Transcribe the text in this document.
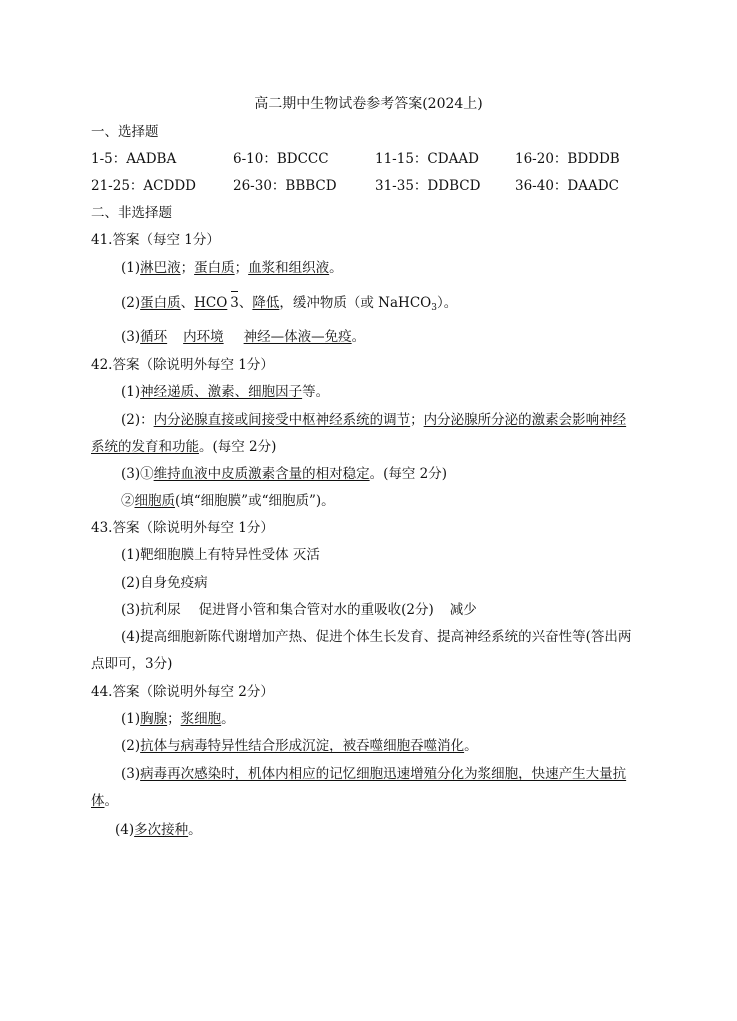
高二期中生物试卷参考答案(2024上)
一、选择题
1-5：AADBA	6-10：BDCCC	11-15：CDAAD	16-20：BDDDB
21-25：ACDDD	26-30：BBBCD	31-35：DDBCD	36-40：DAADC
二、非选择题
41.答案（每空 1分）
(1)淋巴液；蛋白质；血浆和组织液。
(2)蛋白质、HCO 3、降低，缓冲物质（或 NaHCO$_3$）。
(3)循环 内环境 神经—体液—免疫。
42.答案（除说明外每空 1分）
(1)神经递质、激素、细胞因子等。
(2)：内分泌腺直接或间接受中枢神经系统的调节；内分泌腺所分泌的激素会影响神经
系统的发育和功能。(每空 2分)
(3)①维持血液中皮质激素含量的相对稳定。(每空 2分)
②细胞质(填“细胞膜”或“细胞质”)。
43.答案（除说明外每空 1分）
(1)靶细胞膜上有特异性受体 灭活
(2)自身免疫病
(3)抗利尿 促进肾小管和集合管对水的重吸收(2分) 减少
(4)提高细胞新陈代谢增加产热、促进个体生长发育、提高神经系统的兴奋性等(答出两
点即可，3分)
44.答案（除说明外每空 2分）
(1)胸腺；浆细胞。
(2)抗体与病毒特异性结合形成沉淀，被吞噬细胞吞噬消化。
(3)病毒再次感染时，机体内相应的记忆细胞迅速增殖分化为浆细胞，快速产生大量抗
体。
(4)多次接种。
